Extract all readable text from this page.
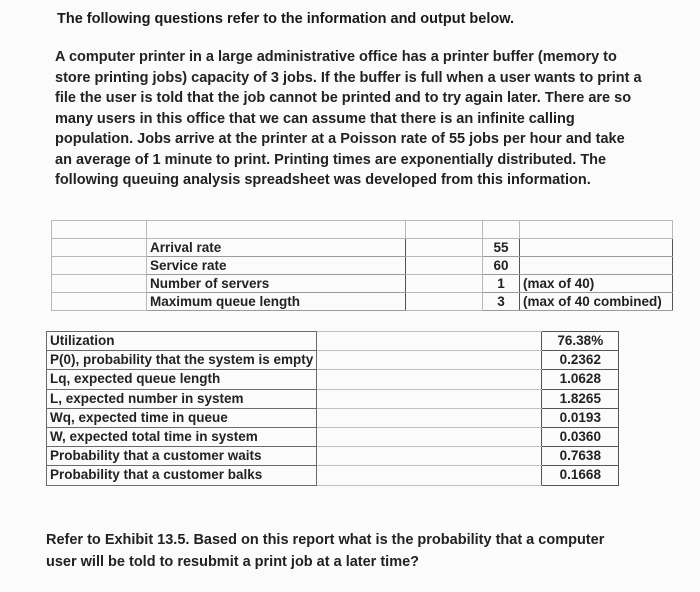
The following questions refer to the information and output below.
A computer printer in a large administrative office has a printer buffer (memory to
store printing jobs) capacity of 3 jobs. If the buffer is full when a user wants to print a
file the user is told that the job cannot be printed and to try again later. There are so
many users in this office that we can assume that there is an infinite calling
population. Jobs arrive at the printer at a Poisson rate of 55 jobs per hour and take
an average of 1 minute to print. Printing times are exponentially distributed. The
following queuing analysis spreadsheet was developed from this information.

	Arrival rate		55	
	Service rate		60	
	Number of servers		1	(max of 40)
	Maximum queue length		3	(max of 40 combined)
Utilization		76.38%
P(0), probability that the system is empty		0.2362
Lq, expected queue length		1.0628
L, expected number in system		1.8265
Wq, expected time in queue		0.0193
W, expected total time in system		0.0360
Probability that a customer waits		0.7638
Probability that a customer balks		0.1668
Refer to Exhibit 13.5. Based on this report what is the probability that a computer
user will be told to resubmit a print job at a later time?
